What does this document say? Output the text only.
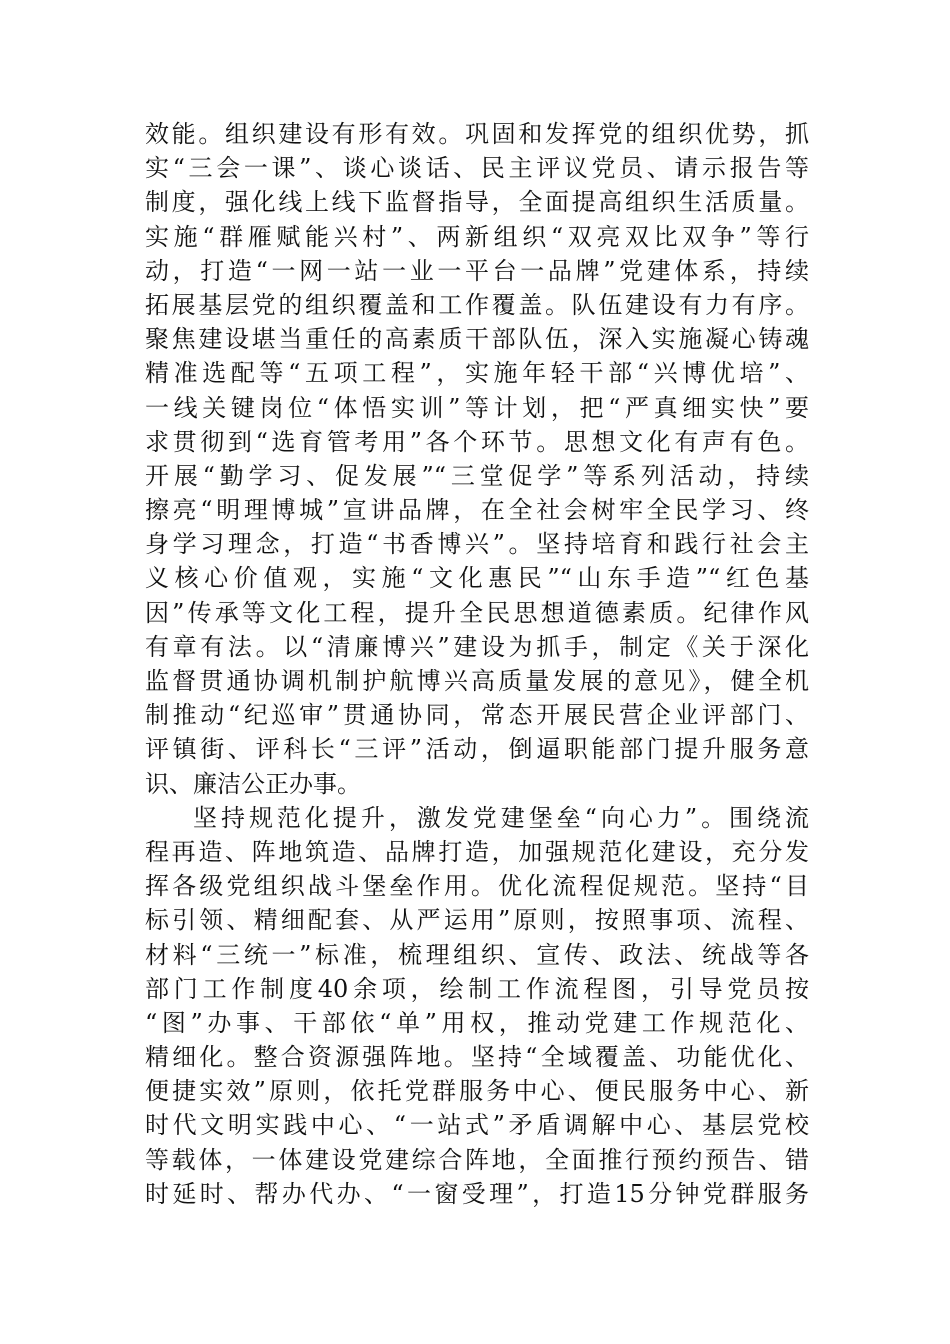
效能。组织建设有形有效。巩固和发挥党的组织优势，抓
实“三会一课”、谈心谈话、民主评议党员、请示报告等
制度，强化线上线下监督指导，全面提高组织生活质量。
实施“群雁赋能兴村”、两新组织“双亮双比双争”等行
动，打造“一网一站一业一平台一品牌”党建体系，持续
拓展基层党的组织覆盖和工作覆盖。队伍建设有力有序。
聚焦建设堪当重任的高素质干部队伍，深入实施凝心铸魂
精准选配等“五项工程”，实施年轻干部“兴博优培”、
一线关键岗位“体悟实训”等计划，把“严真细实快”要
求贯彻到“选育管考用”各个环节。思想文化有声有色。
开展“勤学习、促发展”“三堂促学”等系列活动，持续
擦亮“明理博城”宣讲品牌，在全社会树牢全民学习、终
身学习理念，打造“书香博兴”。坚持培育和践行社会主
义核心价值观，实施“文化惠民”“山东手造”“红色基
因”传承等文化工程，提升全民思想道德素质。纪律作风
有章有法。以“清廉博兴”建设为抓手，制定《关于深化
监督贯通协调机制护航博兴高质量发展的意见》，健全机
制推动“纪巡审”贯通协同，常态开展民营企业评部门、
评镇街、评科长“三评”活动，倒逼职能部门提升服务意
识、廉洁公正办事。
坚持规范化提升，激发党建堡垒“向心力”。围绕流
程再造、阵地筑造、品牌打造，加强规范化建设，充分发
挥各级党组织战斗堡垒作用。优化流程促规范。坚持“目
标引领、精细配套、从严运用”原则，按照事项、流程、
材料“三统一”标准，梳理组织、宣传、政法、统战等各
部门工作制度40余项，绘制工作流程图，引导党员按
“图”办事、干部依“单”用权，推动党建工作规范化、
精细化。整合资源强阵地。坚持“全域覆盖、功能优化、
便捷实效”原则，依托党群服务中心、便民服务中心、新
时代文明实践中心、“一站式”矛盾调解中心、基层党校
等载体，一体建设党建综合阵地，全面推行预约预告、错
时延时、帮办代办、“一窗受理”，打造15分钟党群服务
